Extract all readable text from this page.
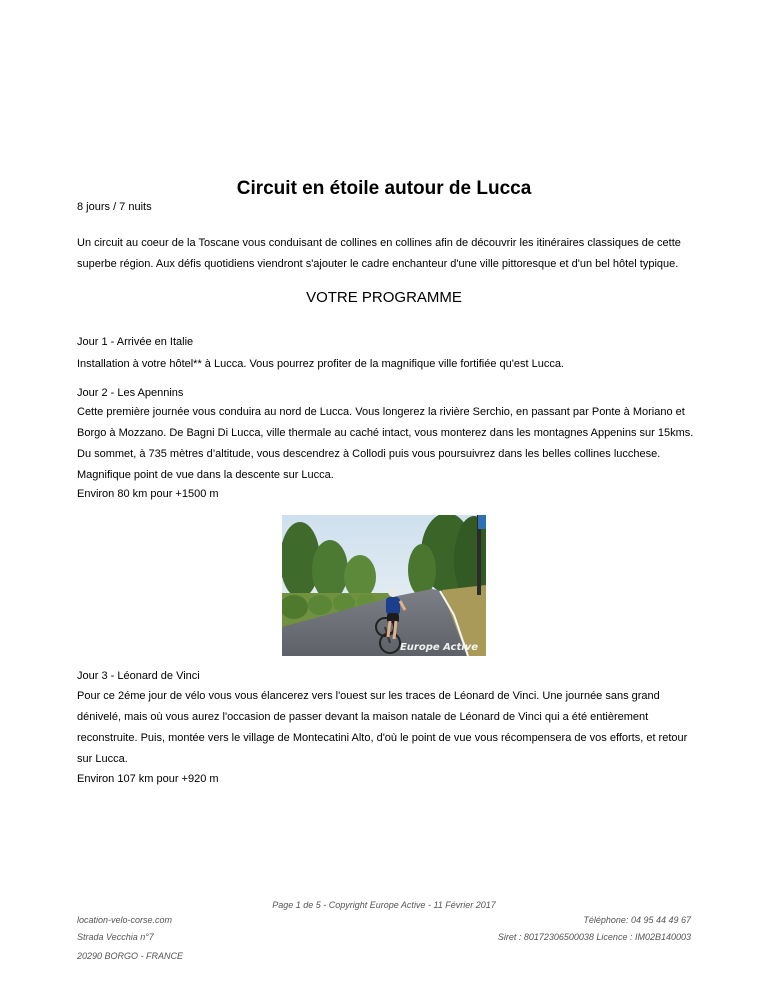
Circuit en étoile autour de Lucca

8 jours / 7 nuits

Un circuit au coeur de la Toscane vous conduisant de collines en collines afin de découvrir les itinéraires classiques de cette superbe région. Aux défis quotidiens viendront s'ajouter le cadre enchanteur d'une ville pittoresque et d'un bel hôtel typique.

VOTRE PROGRAMME

Jour 1 - Arrivée en Italie

Installation à votre hôtel** à Lucca. Vous pourrez profiter de la magnifique ville fortifiée qu'est Lucca.

Jour 2 - Les Apennins

Cette première journée vous conduira au nord de Lucca. Vous longerez la rivière Serchio, en passant par Ponte à Moriano et Borgo à Mozzano. De Bagni Di Lucca, ville thermale au caché intact, vous monterez dans les montagnes Appenins sur 15kms. Du sommet, à 735 mètres d’altitude, vous descendrez à Collodi puis vous poursuivrez dans les belles collines lucchese. Magnifique point de vue dans la descente sur Lucca.

Environ 80 km pour +1500 m

Europe Active

Jour 3 - Léonard de Vinci

Pour ce 2éme jour de vélo vous vous élancerez vers l'ouest sur les traces de Léonard de Vinci. Une journée sans grand dénivelé, mais où vous aurez l'occasion de passer devant la maison natale de Léonard de Vinci qui a été entièrement reconstruite. Puis, montée vers le village de Montecatini Alto, d'où le point de vue vous récompensera de vos efforts, et retour sur Lucca.

Environ 107 km pour +920 m

Page 1 de 5 - Copyright Europe Active - 11 Février 2017

location-velo-corse.com

Strada Vecchia n°7

20290 BORGO - FRANCE

Téléphone: 04 95 44 49 67

Siret : 80172306500038 Licence : IM02B140003
